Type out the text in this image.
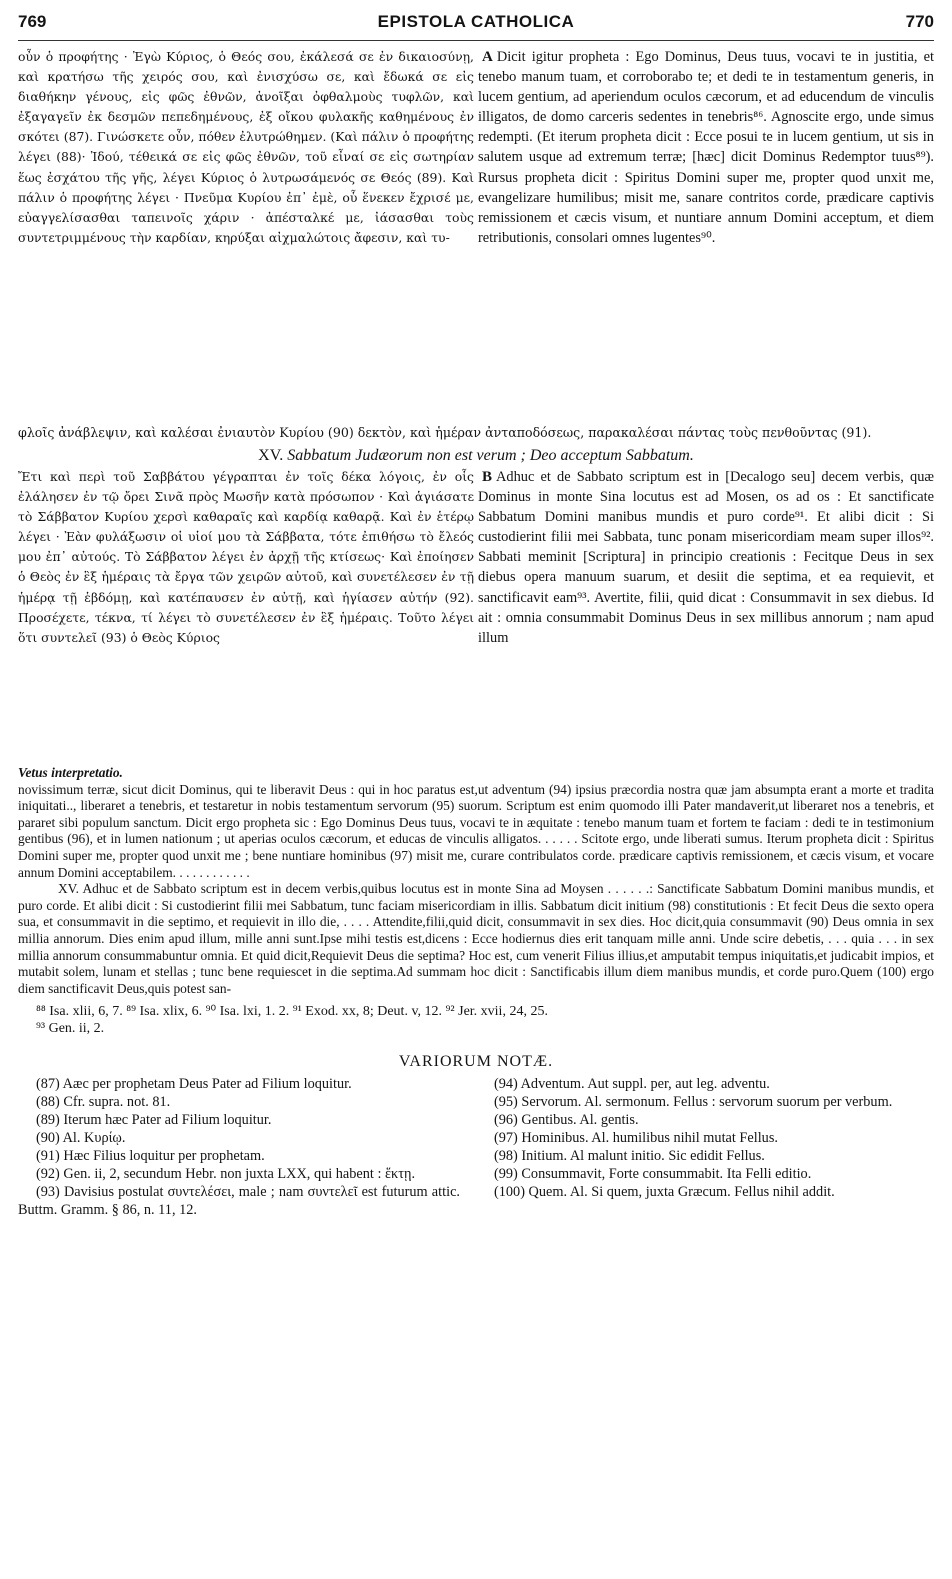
769	EPISTOLA CATHOLICA	770

οὖν ὁ προφήτης · Ἐγὼ Κύριος, ὁ Θεός σου, ἐκάλεσά σε ἐν δικαιοσύνῃ, καὶ κρατήσω τῆς χειρός σου, καὶ ἐνισχύσω σε, καὶ ἔδωκά σε εἰς διαθήκην γένους, εἰς φῶς ἐθνῶν, ἀνοῖξαι ὀφθαλμοὺς τυφλῶν, καὶ ἐξαγαγεῖν ἐκ δεσμῶν πεπεδημένους, ἐξ οἴκου φυλακῆς καθημένους ἐν σκότει (87). Γινώσκετε οὖν, πόθεν ἐλυτρώθημεν. (Καὶ πάλιν ὁ προφήτης λέγει (88)· Ἰδού, τέθεικά σε εἰς φῶς ἐθνῶν, τοῦ εἶναί σε εἰς σωτηρίαν ἕως ἐσχάτου τῆς γῆς, λέγει Κύριος ὁ λυτρωσάμενός σε Θεός (89). Καὶ πάλιν ὁ προφήτης λέγει · Πνεῦμα Κυρίου ἐπ᾽ ἐμὲ, οὗ ἕνεκεν ἔχρισέ με, εὐαγγελίσασθαι ταπεινοῖς χάριν · ἀπέσταλκέ με, ἰάσασθαι τοὺς συντετριμμένους τὴν καρδίαν, κηρύξαι αἰχμαλώτοις ἄφεσιν, καὶ τυ-

A Dicit igitur propheta : Ego Dominus, Deus tuus, vocavi te in justitia, et tenebo manum tuam, et corroborabo te; et dedi te in testamentum generis, in lucem gentium, ad aperiendum oculos cæcorum, et ad educendum de vinculis illigatos, de domo carceris sedentes in tenebris⁸⁶. Agnoscite ergo, unde simus redempti. (Et iterum propheta dicit : Ecce posui te in lucem gentium, ut sis in salutem usque ad extremum terræ; [hæc] dicit Dominus Redemptor tuus⁸⁹). Rursus propheta dicit : Spiritus Domini super me, propter quod unxit me, evangelizare humilibus; misit me, sanare contritos corde, prædicare captivis remissionem et cæcis visum, et nuntiare annum Domini acceptum, et diem retributionis, consolari omnes lugentes⁹⁰.

φλοῖς ἀνάβλεψιν, καὶ καλέσαι ἐνιαυτὸν Κυρίου (90) δεκτὸν, καὶ ἡμέραν ἀνταποδόσεως, παρακαλέσαι πάντας τοὺς πενθοῦντας (91).

XV. Sabbatum Judæorum non est verum ; Deo acceptum Sabbatum.

Ἔτι καὶ περὶ τοῦ Σαββάτου γέγραπται ἐν τοῖς δέκα λόγοις, ἐν οἷς ἐλάλησεν ἐν τῷ ὄρει Σινᾶ πρὸς Μωσῆν κατὰ πρόσωπον · Καὶ ἁγιάσατε τὸ Σάββατον Κυρίου χερσὶ καθαραῖς καὶ καρδίᾳ καθαρᾷ. Καὶ ἐν ἑτέρῳ λέγει · Ἐὰν φυλάξωσιν οἱ υἱοί μου τὰ Σάββατα, τότε ἐπιθήσω τὸ ἔλεός μου ἐπ᾽ αὐτούς. Τὸ Σάββατον λέγει ἐν ἀρχῇ τῆς κτίσεως· Καὶ ἐποίησεν ὁ Θεὸς ἐν ἓξ ἡμέραις τὰ ἔργα τῶν χειρῶν αὐτοῦ, καὶ συνετέλεσεν ἐν τῇ ἡμέρᾳ τῇ ἑβδόμῃ, καὶ κατέπαυσεν ἐν αὐτῇ, καὶ ἡγίασεν αὐτήν (92). Προσέχετε, τέκνα, τί λέγει τὸ συνετέλεσεν ἐν ἓξ ἡμέραις. Τοῦτο λέγει ὅτι συντελεῖ (93) ὁ Θεὸς Κύριος

B Adhuc et de Sabbato scriptum est in [Decalogo seu] decem verbis, quæ Dominus in monte Sina locutus est ad Mosen, os ad os : Et sanctificate Sabbatum Domini manibus mundis et puro corde⁹¹. Et alibi dicit : Si custodierint filii mei Sabbata, tunc ponam misericordiam meam super illos⁹². Sabbati meminit [Scriptura] in principio creationis : Fecitque Deus in sex diebus opera manuum suarum, et desiit die septima, et ea requievit, et sanctificavit eam⁹³. Avertite, filii, quid dicat : Consummavit in sex diebus. Id ait : omnia consummabit Dominus Deus in sex millibus annorum ; nam apud illum

Vetus interpretatio.

novissimum terræ, sicut dicit Dominus, qui te liberavit Deus : qui in hoc paratus est,ut adventum (94) ipsius præcordia nostra quæ jam absumpta erant a morte et tradita iniquitati.., liberaret a tenebris, et testaretur in nobis testamentum servorum (95) suorum. Scriptum est enim quomodo illi Pater mandaverit,ut liberaret nos a tenebris, et pararet sibi populum sanctum. Dicit ergo propheta sic : Ego Dominus Deus tuus, vocavi te in æquitate : tenebo manum tuam et fortem te faciam : dedi te in testimonium gentibus (96), et in lumen nationum ; ut aperias oculos cæcorum, et educas de vinculis alligatos. . . . . . Scitote ergo, unde liberati sumus. Iterum propheta dicit : Spiritus Domini super me, propter quod unxit me ; bene nuntiare hominibus (97) misit me, curare contribulatos corde. prædicare captivis remissionem, et cæcis visum, et vocare annum Domini acceptabilem. . . . . . . . . . . .

XV. Adhuc et de Sabbato scriptum est in decem verbis,quibus locutus est in monte Sina ad Moysen . . . . . .: Sanctificate Sabbatum Domini manibus mundis, et puro corde. Et alibi dicit : Si custodierint filii mei Sabbatum, tunc faciam misericordiam in illis. Sabbatum dicit initium (98) constitutionis : Et fecit Deus die sexto opera sua, et consummavit in die septimo, et requievit in illo die, . . . . Attendite,filii,quid dicit, consummavit in sex dies. Hoc dicit,quia consummavit (90) Deus omnia in sex millia annorum. Dies enim apud illum, mille anni sunt.Ipse mihi testis est,dicens : Ecce hodiernus dies erit tanquam mille anni. Unde scire debetis, . . . quia . . . in sex millia annorum consummabuntur omnia. Et quid dicit,Requievit Deus die septima? Hoc est, cum venerit Filius illius,et amputabit tempus iniquitatis,et judicabit impios, et mutabit solem, lunam et stellas ; tunc bene requiescet in die septima.Ad summam hoc dicit : Sanctificabis illum diem manibus mundis, et corde puro.Quem (100) ergo diem sanctificavit Deus,quis potest san-

⁸⁸ Isa. xlii, 6, 7. ⁸⁹ Isa. xlix, 6. ⁹⁰ Isa. lxi, 1. 2. ⁹¹ Exod. xx, 8; Deut. v, 12. ⁹² Jer. xvii, 24, 25.
⁹³ Gen. ii, 2.
VARIORUM NOTÆ.

(87) Aæc per prophetam Deus Pater ad Filium loquitur.

(88) Cfr. supra. not. 81.

(89) Iterum hæc Pater ad Filium loquitur.

(90) Al. Κυρίῳ.

(91) Hæc Filius loquitur per prophetam.

(92) Gen. ii, 2, secundum Hebr. non juxta LXX, qui habent : ἕκτῃ.

(93) Davisius postulat συντελέσει, male ; nam συντελεῖ est futurum attic. Buttm. Gramm. § 86, n. 11, 12.

(94) Adventum. Aut suppl. per, aut leg. adventu.

(95) Servorum. Al. sermonum. Fellus : servorum suorum per verbum.

(96) Gentibus. Al. gentis.

(97) Hominibus. Al. humilibus nihil mutat Fellus.

(98) Initium. Al malunt initio. Sic edidit Fellus.

(99) Consummavit, Forte consummabit. Ita Felli editio.

(100) Quem. Al. Si quem, juxta Græcum. Fellus nihil addit.
